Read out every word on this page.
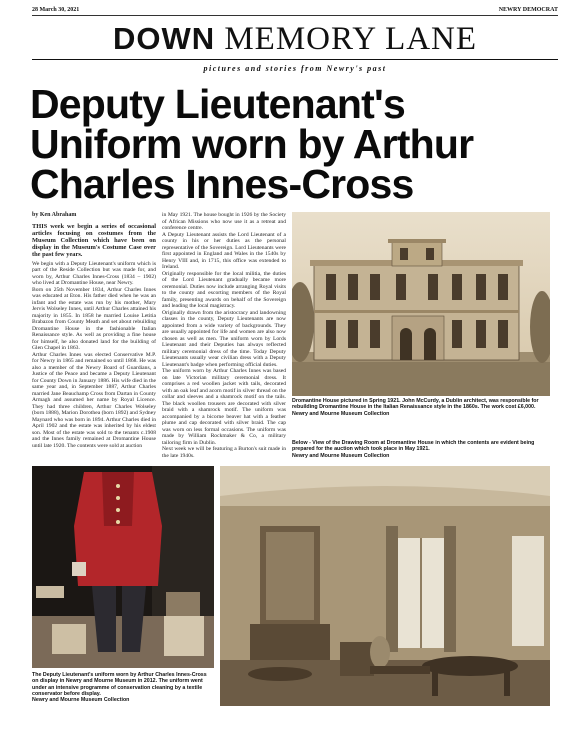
28 March 30, 2021	NEWRY DEMOCRAT
DOWN MEMORY LANE
pictures and stories from Newry's past
Deputy Lieutenant's Uniform worn by Arthur Charles Innes-Cross
by Ken Abraham
THIS week we begin a series of occasional articles focusing on costumes from the Museum Collection which have been on display in the Museum's Costume Case over the past few years.

We begin with a Deputy Lieutenant's uniform which is part of the Reside Collection but was made for, and worn by, Arthur Charles Innes-Cross (1834 – 1902) who lived at Dromantine House, near Newry.

Born on 25th November 1834, Arthur Charles Innes was educated at Eton. His father died when he was an infant and the estate was run by his mother, Mary Jervis Wolseley Innes, until Arthur Charles attained his majority in 1855. In 1858 he married Louise Letitia Brabazon from County Meath and set about rebuilding Dromantine House in the fashionable Italian Renaissance style. As well as providing a fine house for himself, he also donated land for the building of Glen Chapel in 1863.

Arthur Charles Innes was elected Conservative M.P. for Newry in 1865 and remained so until 1868. He was also a member of the Newry Board of Guardians, a Justice of the Peace and became a Deputy Lieutenant for County Down in January 1886. His wife died in the same year and, in September 1887, Arthur Charles married Jane Beauchamp Cross from Dartan in County Armagh and assumed her name by Royal Licence. They had three children, Arthur Charles Wolseley (born 1888), Marion Dorothea (born 1892) and Sydney Maynard who was born in 1894. Arthur Charles died in April 1902 and the estate was inherited by his eldest son. Most of the estate was sold to the tenants c.1908 and the Innes family remained at Dromantine House until late 1920. The contents were sold at auction

in May 1921. The house bought in 1926 by the Society of African Missions who now use it as a retreat and conference centre.

A Deputy Lieutenant assists the Lord Lieutenant of a county in his or her duties as the personal representative of the Sovereign. Lord Lieutenants were first appointed in England and Wales in the 1540s by Henry VIII and, in 1715, this office was extended to Ireland.

Originally responsible for the local militia, the duties of the Lord Lieutenant gradually became more ceremonial. Duties now include arranging Royal visits to the county and escorting members of the Royal family, presenting awards on behalf of the Sovereign and leading the local magistracy.

Originally drawn from the aristocracy and landowning classes in the county, Deputy Lieutenants are now appointed from a wide variety of backgrounds. They are usually appointed for life and women are also now chosen as well as men. The uniform worn by Lords Lieutenant and their Deputies has always reflected military ceremonial dress of the time. Today Deputy Lieutenants usually wear civilian dress with a Deputy Lieutenant's badge when performing official duties.

The uniform worn by Arthur Charles Innes was based on late Victorian military ceremonial dress. It comprises a red woollen jacket with tails, decorated with an oak leaf and acorn motif in silver thread on the collar and sleeves and a shamrock motif on the tails. The black woollen trousers are decorated with silver braid with a shamrock motif. The uniform was accompanied by a bicorne beaver hat with a feather plume and cap decorated with silver braid. The cap was worn on less formal occasions. The uniform was made by William Rockmaker & Co, a military tailoring firm in Dublin.

Next week we will be featuring a Burton's suit made in the late 1940s.

Dromantine House pictured in Spring 1921. John McCurdy, a Dublin architect, was responsible for rebuilding Dromantine House in the Italian Renaissance style in the 1860s. The work cost £6,000.
Newry and Mourne Museum Collection
Below - View of the Drawing Room at Dromantine House in which the contents are evident being prepared for the auction which took place in May 1921.
Newry and Mourne Museum Collection
The Deputy Lieutenant's uniform worn by Arthur Charles Innes-Cross on display in Newry and Mourne Museum in 2012. The uniform went under an intensive programme of conservation cleaning by a textile conservator before display.
Newry and Mourne Museum Collection
